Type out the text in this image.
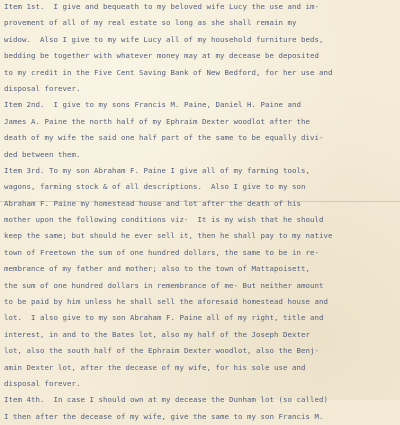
Item 1st.  I give and bequeath to my beloved wife Lucy the use and im-
provement of all of my real estate so long as she shall remain my
widow.  Also I give to my wife Lucy all of my household furniture beds,
bedding be together with whatever money may at my decease be deposited
to my credit in the Five Cent Saving Bank of New Bedford, for her use and
disposal forever.
Item 2nd.  I give to my sons Francis M. Paine, Daniel H. Paine and
James A. Paine the north half of my Ephraim Dexter woodlot after the
death of my wife the said one half part of the same to be equally divi-
ded between them.
Item 3rd. To my son Abraham F. Paine I give all of my farming tools,
wagons, farming stock & of all descriptions.  Also I give to my son
Abraham F. Paine my homestead house and lot after the death of his
mother upon the following conditions viz-  It is my wish that he should
keep the same; but should he ever sell it, then he shall pay to my native
town of Freetown the sum of one hundred dollars, the same to be in re-
membrance of my father and mother; also to the town of Mattapoisett,
the sum of one hundred dollars in remembrance of me- But neither amount
to be paid by him unless he shall sell the aforesaid homestead house and
lot.  I also give to my son Abraham F. Paine all of my right, title and
interest, in and to the Bates lot, also my half of the Joseph Dexter
lot, also the south half of the Ephraim Dexter woodlot, also the Benj-
amin Dexter lot, after the decease of my wife, for his sole use and
disposal forever.
Item 4th.  In case I should own at my decease the Dunham lot (so called)
I then after the decease of my wife, give the same to my son Francis M.
